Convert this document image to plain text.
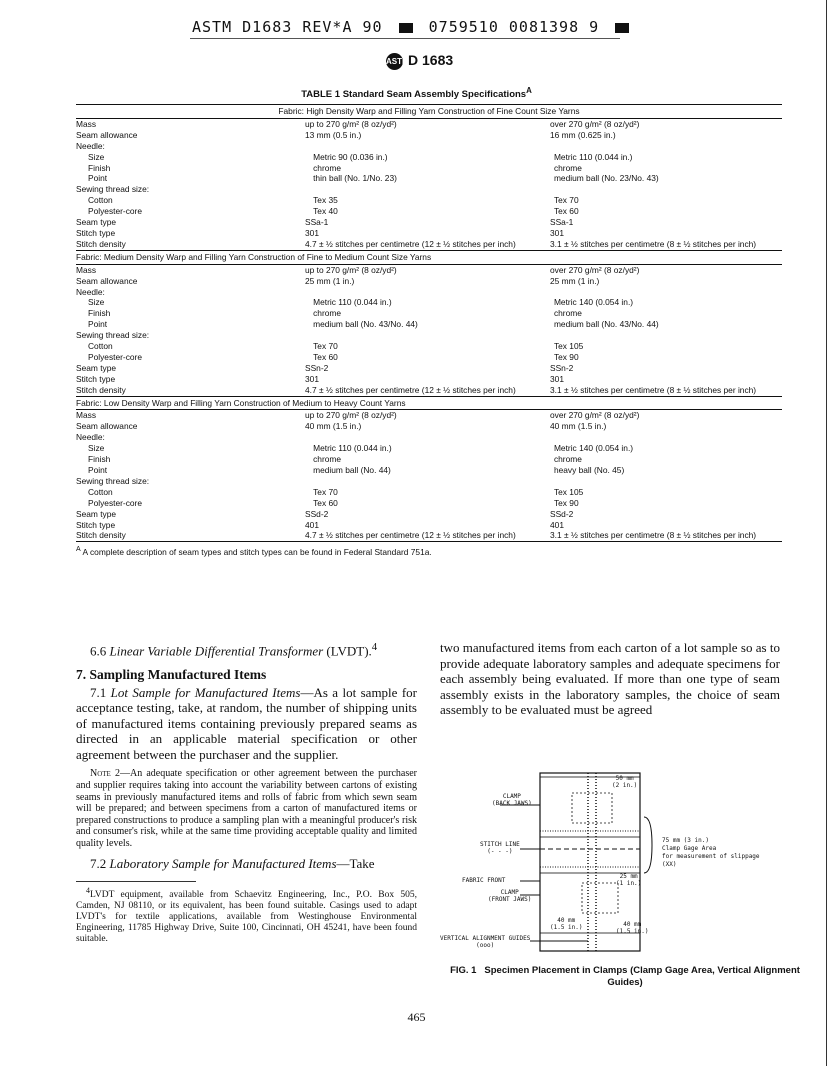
ASTM D1683 REV*A 90	0759510 0081398 9
ASTMD 1683
TABLE 1 Standard Seam Assembly Specifications$^A$
Fabric: High Density Warp and Filling Yarn Construction of Fine Count Size Yarns
Mass	up to 270 g/m² (8 oz/yd²)	over 270 g/m² (8 oz/yd²)
Seam allowance	13 mm (0.5 in.)	16 mm (0.625 in.)
Needle:
Size	Metric 90 (0.036 in.)	Metric 110 (0.044 in.)
Finish	chrome	chrome
Point	thin ball (No. 1/No. 23)	medium ball (No. 23/No. 43)
Sewing thread size:
Cotton	Tex 35	Tex 70
Polyester-core	Tex 40	Tex 60
Seam type	SSa-1	SSa-1
Stitch type	301	301
Stitch density	4.7 ± ½ stitches per centimetre (12 ± ½ stitches per inch)	3.1 ± ½ stitches per centimetre (8 ± ½ stitches per inch)
Fabric: Medium Density Warp and Filling Yarn Construction of Fine to Medium Count Size Yarns
Mass	up to 270 g/m² (8 oz/yd²)	over 270 g/m² (8 oz/yd²)
Seam allowance	25 mm (1 in.)	25 mm (1 in.)
Needle:
Size	Metric 110 (0.044 in.)	Metric 140 (0.054 in.)
Finish	chrome	chrome
Point	medium ball (No. 43/No. 44)	medium ball (No. 43/No. 44)
Sewing thread size:
Cotton	Tex 70	Tex 105
Polyester-core	Tex 60	Tex 90
Seam type	SSn-2	SSn-2
Stitch type	301	301
Stitch density	4.7 ± ½ stitches per centimetre (12 ± ½ stitches per inch)	3.1 ± ½ stitches per centimetre (8 ± ½ stitches per inch)
Fabric: Low Density Warp and Filling Yarn Construction of Medium to Heavy Count Yarns
Mass	up to 270 g/m² (8 oz/yd²)	over 270 g/m² (8 oz/yd²)
Seam allowance	40 mm (1.5 in.)	40 mm (1.5 in.)
Needle:
Size	Metric 110 (0.044 in.)	Metric 140 (0.054 in.)
Finish	chrome	chrome
Point	medium ball (No. 44)	heavy ball (No. 45)
Sewing thread size:
Cotton	Tex 70	Tex 105
Polyester-core	Tex 60	Tex 90
Seam type	SSd-2	SSd-2
Stitch type	401	401
Stitch density	4.7 ± ½ stitches per centimetre (12 ± ½ stitches per inch)	3.1 ± ½ stitches per centimetre (8 ± ½ stitches per inch)
$^A$ A complete description of seam types and stitch types can be found in Federal Standard 751a.
6.6 Linear Variable Differential Transformer (LVDT).$^4$
7. Sampling Manufactured Items
7.1 Lot Sample for Manufactured Items—As a lot sample for acceptance testing, take, at random, the number of shipping units of manufactured items containing previously prepared seams as directed in an applicable material specification or other agreement between the purchaser and the supplier.
Note 2—An adequate specification or other agreement between the purchaser and supplier requires taking into account the variability between cartons of existing seams in previously manufactured items and rolls of fabric from which sewn seam will be prepared; and between specimens from a carton of manufactured items or prepared constructions to produce a sampling plan with a meaningful producer's risk and consumer's risk, while at the same time providing acceptable quality and limited quality levels.
7.2 Laboratory Sample for Manufactured Items—Take
$^4$LVDT equipment, available from Schaevitz Engineering, Inc., P.O. Box 505, Camden, NJ 08110, or its equivalent, has been found suitable. Casings used to adapt LVDT's for textile applications, available from Westinghouse Environmental Engineering, 11785 Highway Drive, Suite 100, Cincinnati, OH 45241, have been found suitable.
two manufactured items from each carton of a lot sample so as to provide adequate laboratory samples and adequate specimens for each assembly being evaluated. If more than one type of seam assembly exists in the laboratory samples, the choice of seam assembly to be evaluated must be agreed
CLAMP
(BACK JAWS)
STITCH LINE
(- - -)
FABRIC FRONT
CLAMP
(FRONT JAWS)
VERTICAL ALIGNMENT GUIDES
(ooo)
50 mm
(2 in.)
25 mm
(1 in.)
40 mm
(1.5 in.)	40 mm
(1.5 in.)
75 mm (3 in.)
Clamp Gage Area
for measurement of slippage
(XX)
FIG. 1 Specimen Placement in Clamps (Clamp Gage Area, Vertical Alignment Guides)
465
